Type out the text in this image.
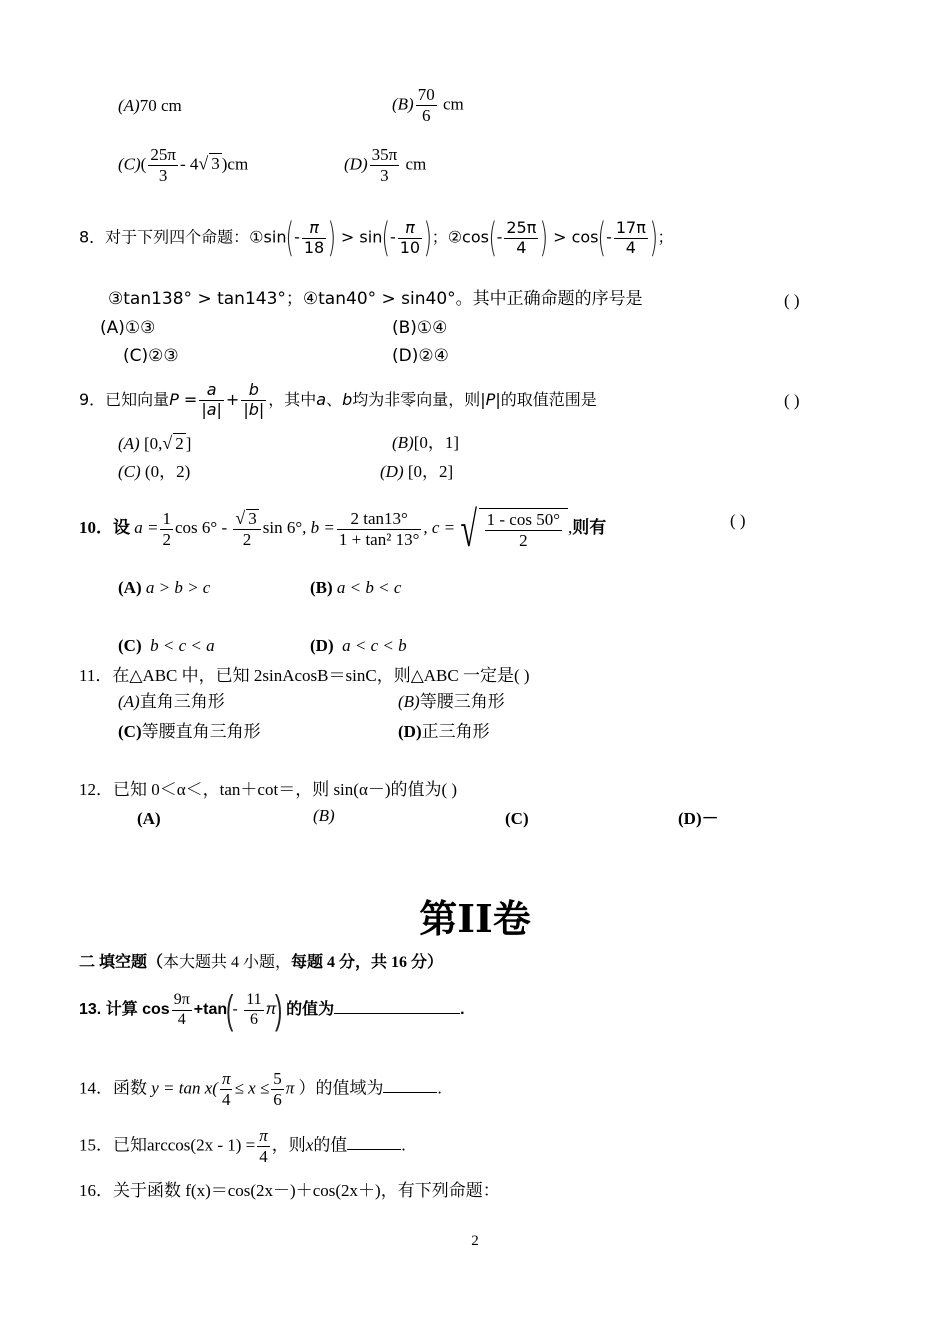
(A)70 cm	$(B) \frac{70}{6}$ cm
$(C)( \frac{25\pi}{3} - 4√$ 3 )cm	$(D) \frac{35\pi}{3}$ cm
8．对于下列四个命题：①sin(- $\frac{\pi}{18}$ ) > $\sin(- \frac{\pi}{10}$ )；②cos(- $\frac{25\pi}{4}$ ) > $\cos(- \frac{17\pi}{4}$ )；
③tan138° > tan143°；④tan40° > sin40°。其中正确命题的序号是	( )
(A)①③	(B)①④
(C)②③	(D)②④
9．已知向量$P = \frac{a}{|a|} + \frac{b}{|b|}$ ，其中a、b均为非零向量，则|P|的取值范围是	( )
(A) [0,√ 2 ]	(B)[0，1]
(C) (0，2)	(D) [0，2]
10．设 $a = \frac{1}{2}$ $\cos 6^\circ - \frac{√ 3}{2}$ sin 6°, $b = \frac{2 \tan 13^\circ}{\text{1 + tan² 13°}}$ , c = √ $\frac{1 - \cos 50^\circ}{2}$ ,则有	( )
(A) a > b > c	(B) a < b < c
(C) b < c < a	(D) a < c < b
11．在△ABC 中，已知 2sinAcosB＝sinC，则△ABC 一定是( )
(A)直角三角形	(B)等腰三角形
(C)等腰直角三角形	(D)正三角形
12．已知 0＜α＜，tan＋cot＝，则 sin(α－)的值为( )
(A)	(B)	(C)	(D)－
第II卷
二 填空题（本大题共 4 小题，每题 4 分，共 16 分）
13. 计算 $\cos \frac{9\pi}{4} +\tan(- \frac{11}{6} \pi)$ 的值为	.
14．函数 $y = \tan x( \frac{\pi}{4} \le x \le \frac{5}{6}$ π ）的值域为	.
15．已知$\arccos(2x - 1) = \frac{\pi}{4}$ ，则x的值	.
16．关于函数 f(x)＝cos(2x－)＋cos(2x＋)，有下列命题：
2
